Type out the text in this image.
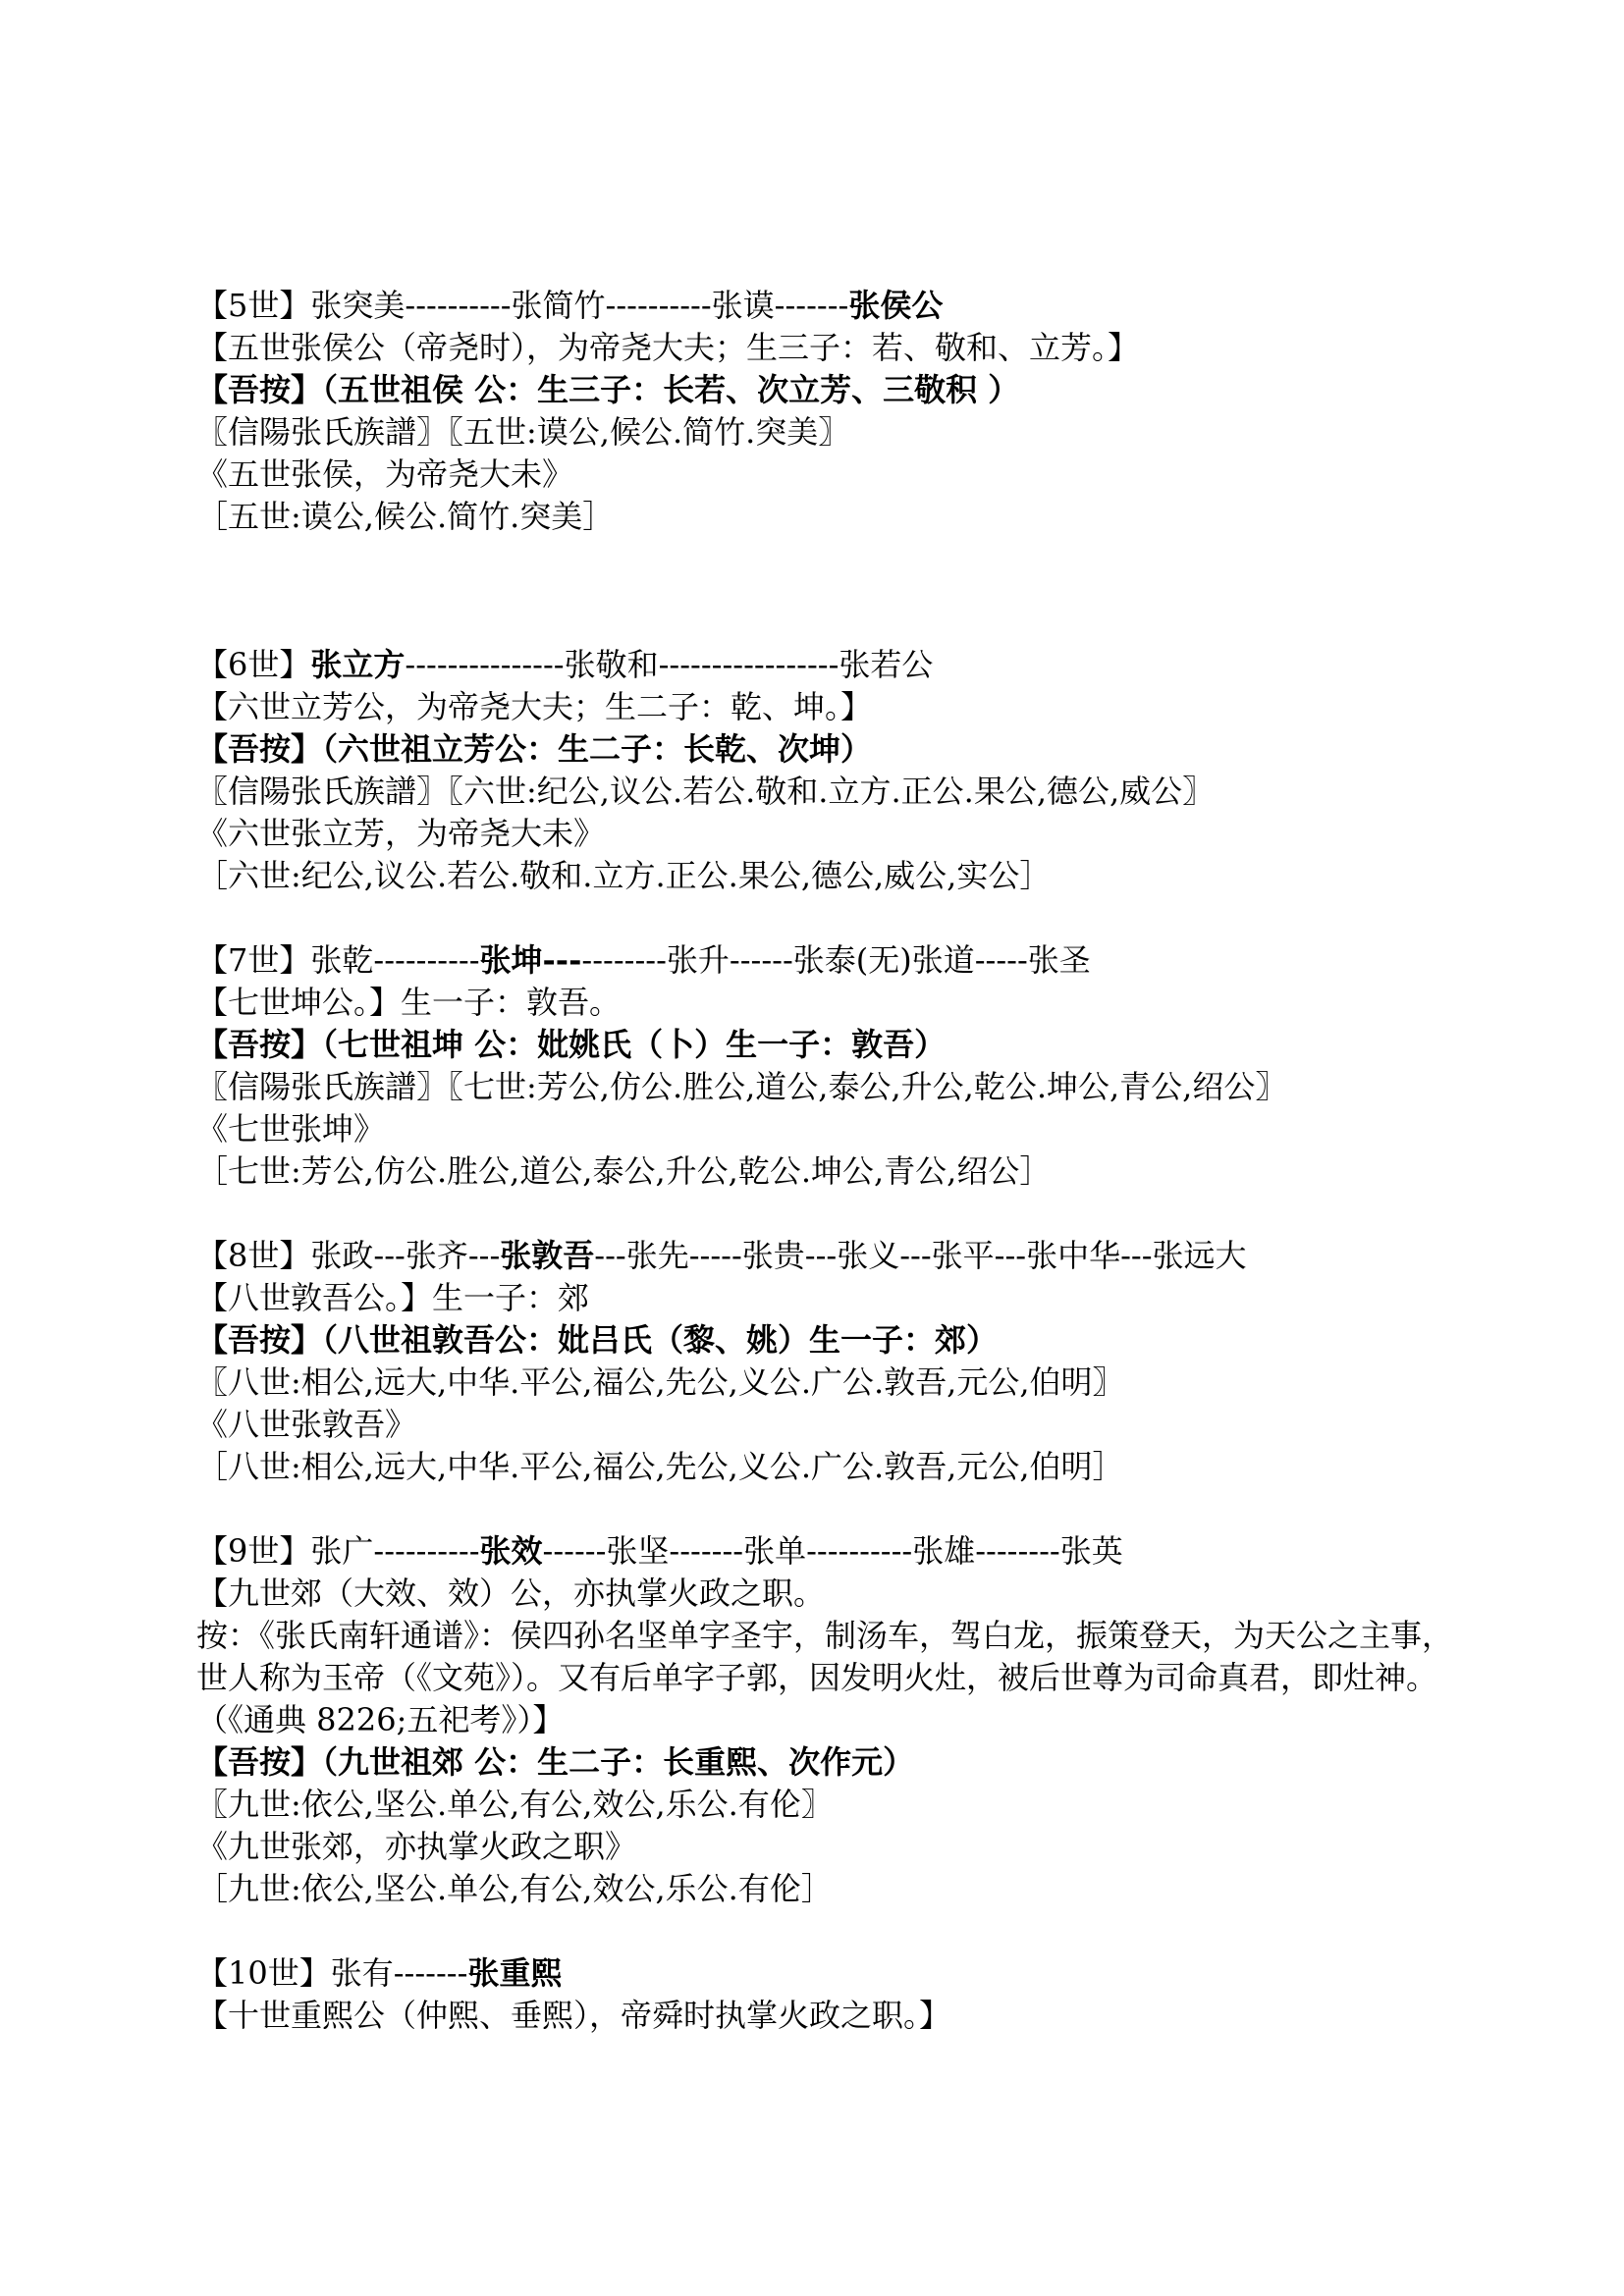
【5世】张突美----------张简竹----------张谟-------张侯公
【五世张侯公（帝尧时），为帝尧大夫；生三子：若、敬和、立芳。】
【吾按】（五世祖侯 公：生三子：长若、次立芳、三敬积 ）
〖信陽张氏族譜〗〖五世:谟公,候公.简竹.突美〗
《五世张侯，为帝尧大未》
［五世:谟公,候公.简竹.突美］
【6世】张立方---------------张敬和-----------------张若公
【六世立芳公，为帝尧大夫；生二子：乾、坤。】
【吾按】（六世祖立芳公：生二子：长乾、次坤）
〖信陽张氏族譜〗〖六世:纪公,议公.若公.敬和.立方.正公.果公,德公,威公〗
《六世张立芳，为帝尧大未》
［六世:纪公,议公.若公.敬和.立方.正公.果公,德公,威公,实公］
【7世】张乾----------张坤-----------张升------张泰(无)张道-----张圣
【七世坤公。】生一子：敦吾。
【吾按】（七世祖坤 公：妣姚氏（卜）生一子：敦吾）
〖信陽张氏族譜〗〖七世:芳公,仿公.胜公,道公,泰公,升公,乾公.坤公,青公,绍公〗
《七世张坤》
［七世:芳公,仿公.胜公,道公,泰公,升公,乾公.坤公,青公,绍公］
【8世】张政---张齐---张敦吾---张先-----张贵---张义---张平---张中华---张远大
【八世敦吾公。】生一子：郊
【吾按】（八世祖敦吾公：妣吕氏（黎、姚）生一子：郊）
〖八世:相公,远大,中华.平公,福公,先公,义公.广公.敦吾,元公,伯明〗
《八世张敦吾》
［八世:相公,远大,中华.平公,福公,先公,义公.广公.敦吾,元公,伯明］
【9世】张广----------张效------张坚-------张单----------张雄--------张英
【九世郊（大效、效）公，亦执掌火政之职。
按：《张氏南轩通谱》：侯四孙名坚单字圣宇，制汤车，驾白龙，振策登天，为天公之主事，世人称为玉帝（《文苑》）。又有后单字子郭，因发明火灶，被后世尊为司命真君，即灶神。（《通典 8226;五祀考》）】
【吾按】（九世祖郊 公：生二子：长重熙、次作元）
〖九世:依公,坚公.单公,有公,效公,乐公.有伦〗
《九世张郊，亦执掌火政之职》
［九世:依公,坚公.单公,有公,效公,乐公.有伦］
【10世】张有-------张重熙
【十世重熙公（仲熙、垂熙），帝舜时执掌火政之职。】
